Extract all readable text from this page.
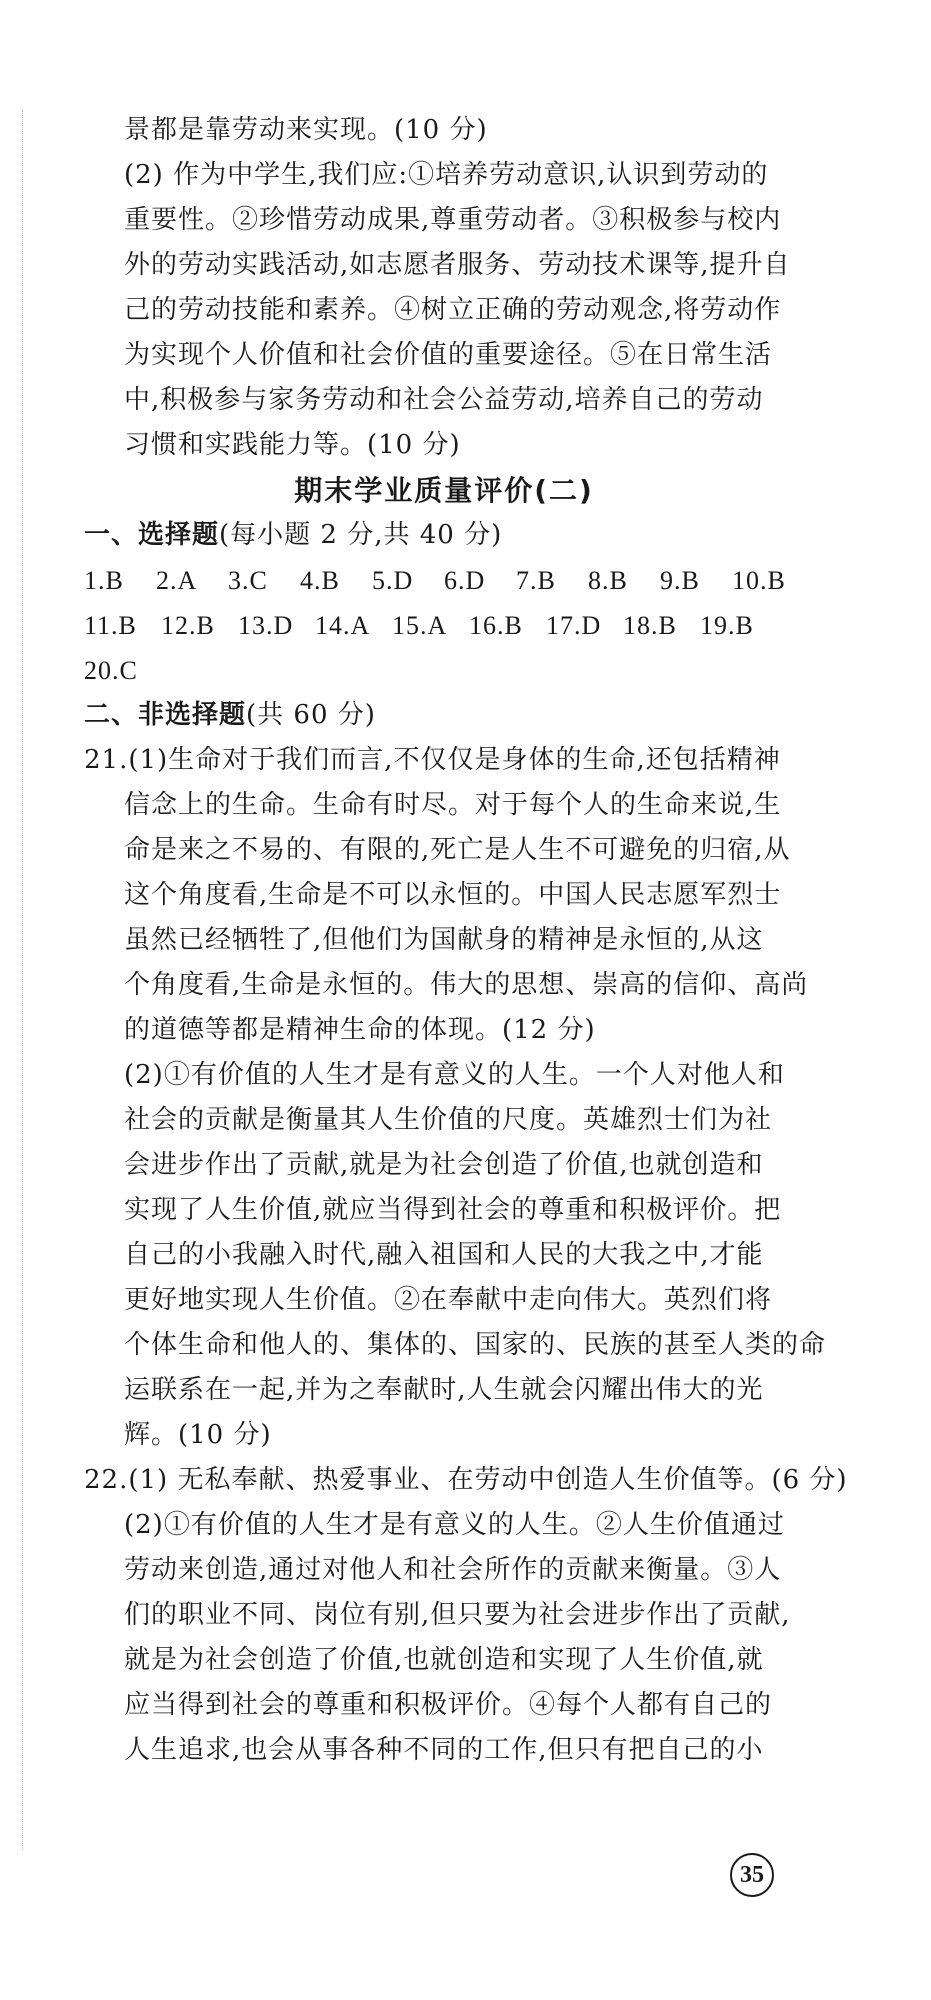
景都是靠劳动来实现。(10 分)
(2) 作为中学生,我们应:①培养劳动意识,认识到劳动的
重要性。②珍惜劳动成果,尊重劳动者。③积极参与校内
外的劳动实践活动,如志愿者服务、劳动技术课等,提升自
己的劳动技能和素养。④树立正确的劳动观念,将劳动作
为实现个人价值和社会价值的重要途径。⑤在日常生活
中,积极参与家务劳动和社会公益劳动,培养自己的劳动
习惯和实践能力等。(10 分)
期末学业质量评价(二)
一、选择题(每小题 2 分,共 40 分)
1.B	2.A	3.C	4.B	5.D	6.D	7.B	8.B	9.B	10.B
11.B 12.B 13.D 14.A 15.A 16.B 17.D 18.B 19.B
20.C
二、非选择题(共 60 分)
21.(1)生命对于我们而言,不仅仅是身体的生命,还包括精神
信念上的生命。生命有时尽。对于每个人的生命来说,生
命是来之不易的、有限的,死亡是人生不可避免的归宿,从
这个角度看,生命是不可以永恒的。中国人民志愿军烈士
虽然已经牺牲了,但他们为国献身的精神是永恒的,从这
个角度看,生命是永恒的。伟大的思想、崇高的信仰、高尚
的道德等都是精神生命的体现。(12 分)
(2)①有价值的人生才是有意义的人生。一个人对他人和
社会的贡献是衡量其人生价值的尺度。英雄烈士们为社
会进步作出了贡献,就是为社会创造了价值,也就创造和
实现了人生价值,就应当得到社会的尊重和积极评价。把
自己的小我融入时代,融入祖国和人民的大我之中,才能
更好地实现人生价值。②在奉献中走向伟大。英烈们将
个体生命和他人的、集体的、国家的、民族的甚至人类的命
运联系在一起,并为之奉献时,人生就会闪耀出伟大的光
辉。(10 分)
22.(1) 无私奉献、热爱事业、在劳动中创造人生价值等。(6 分)
(2)①有价值的人生才是有意义的人生。②人生价值通过
劳动来创造,通过对他人和社会所作的贡献来衡量。③人
们的职业不同、岗位有别,但只要为社会进步作出了贡献,
就是为社会创造了价值,也就创造和实现了人生价值,就
应当得到社会的尊重和积极评价。④每个人都有自己的
人生追求,也会从事各种不同的工作,但只有把自己的小
35
